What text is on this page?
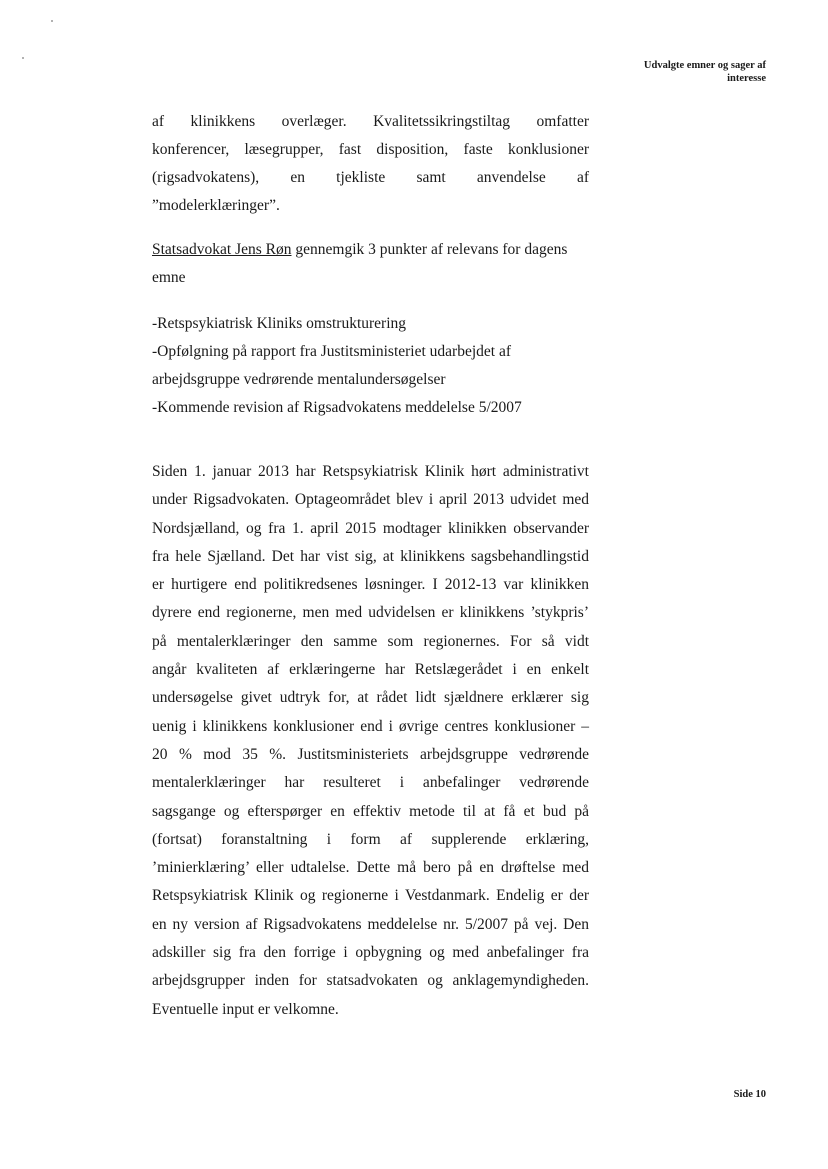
Udvalgte emner og sager af
interesse

af klinikkens overlæger. Kvalitetssikringstiltag omfatter
konferencer, læsegrupper, fast disposition, faste konklusioner
(rigsadvokatens), en tjekliste samt anvendelse af
”modelerklæringer”.

Statsadvokat Jens Røn gennemgik 3 punkter af relevans for dagens emne

-Retspsykiatrisk Kliniks omstrukturering
-Opfølgning på rapport fra Justitsministeriet udarbejdet af
arbejdsgruppe vedrørende mentalundersøgelser
-Kommende revision af Rigsadvokatens meddelelse 5/2007

Siden 1. januar 2013 har Retspsykiatrisk Klinik hørt administrativt
under Rigsadvokaten. Optageområdet blev i april 2013 udvidet med
Nordsjælland, og fra 1. april 2015 modtager klinikken observander
fra hele Sjælland. Det har vist sig, at klinikkens sagsbehandlingstid
er hurtigere end politikredsenes løsninger. I 2012-13 var klinikken
dyrere end regionerne, men med udvidelsen er klinikkens ’stykpris’
på mentalerklæringer den samme som regionernes. For så vidt
angår kvaliteten af erklæringerne har Retslægerådet i en enkelt
undersøgelse givet udtryk for, at rådet lidt sjældnere erklærer sig
uenig i klinikkens konklusioner end i øvrige centres konklusioner –
20 % mod 35 %. Justitsministeriets arbejdsgruppe vedrørende
mentalerklæringer har resulteret i anbefalinger vedrørende
sagsgange og efterspørger en effektiv metode til at få et bud på
(fortsat) foranstaltning i form af supplerende erklæring,
’minierklæring’ eller udtalelse. Dette må bero på en drøftelse med
Retspsykiatrisk Klinik og regionerne i Vestdanmark. Endelig er der
en ny version af Rigsadvokatens meddelelse nr. 5/2007 på vej. Den
adskiller sig fra den forrige i opbygning og med anbefalinger fra
arbejdsgrupper inden for statsadvokaten og anklagemyndigheden.
Eventuelle input er velkomne.

Side 10
